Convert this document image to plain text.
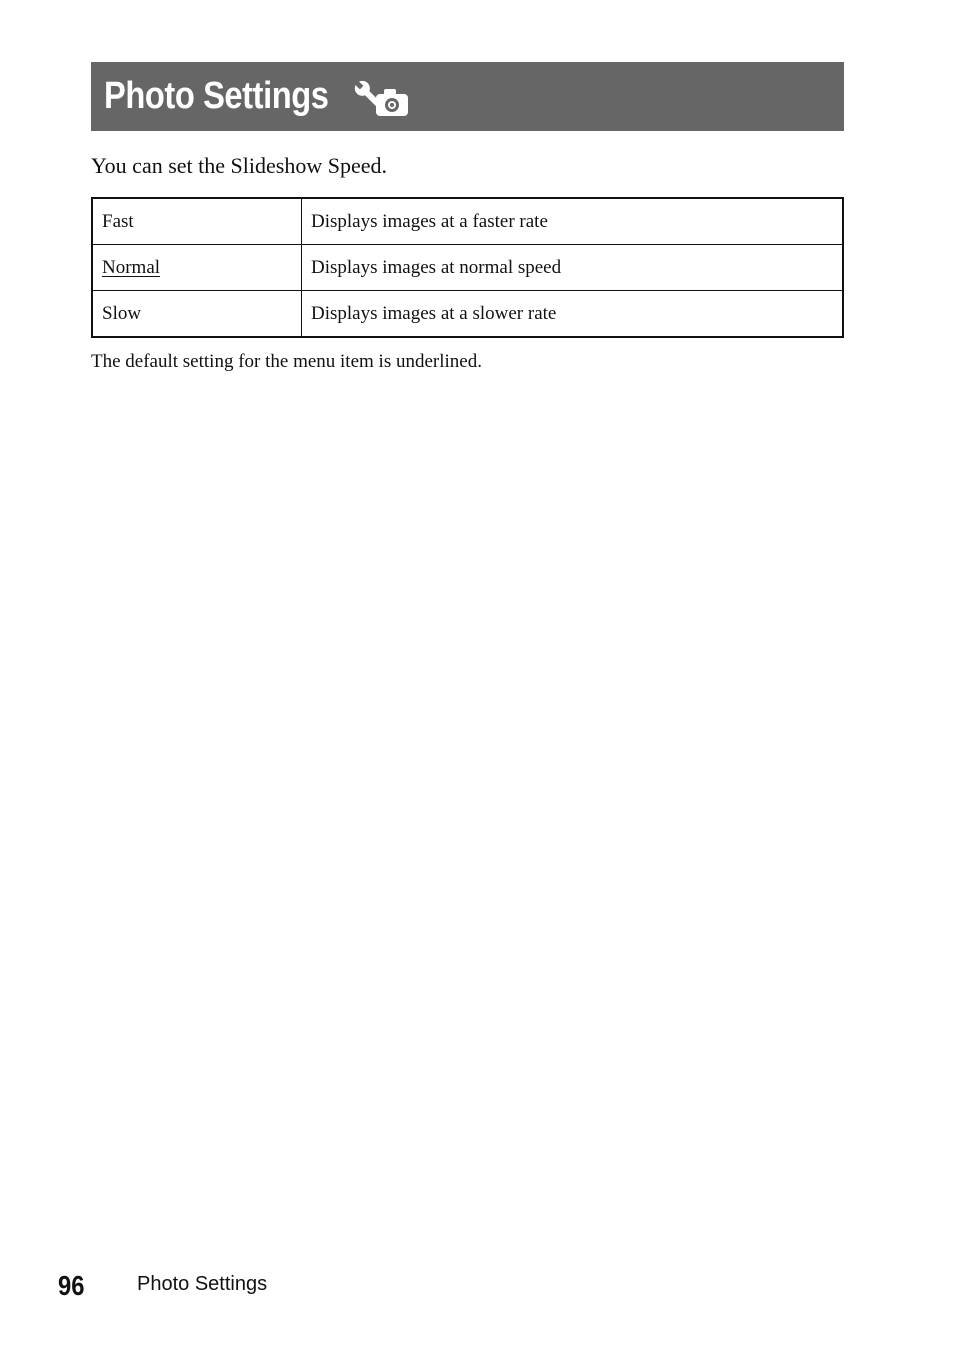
Photo Settings
You can set the Slideshow Speed.
Fast	Displays images at a faster rate
Normal	Displays images at normal speed
Slow	Displays images at a slower rate
The default setting for the menu item is underlined.
96	Photo Settings
